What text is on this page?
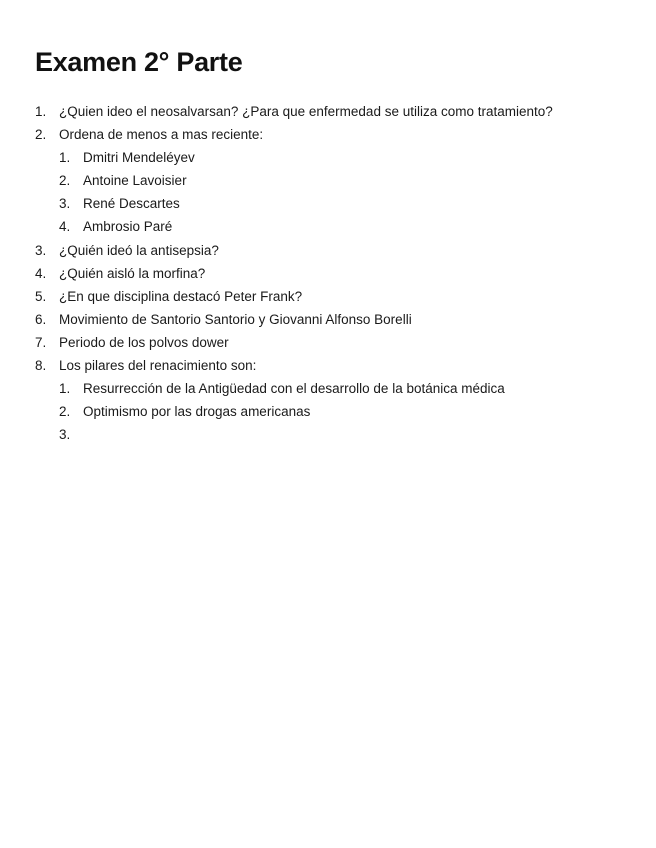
Examen 2° Parte
1. ¿Quien ideo el neosalvarsan? ¿Para que enfermedad se utiliza como tratamiento?
2. Ordena de menos a mas reciente:
1. Dmitri Mendeléyev
2. Antoine Lavoisier
3. René Descartes
4. Ambrosio Paré
3. ¿Quién ideó la antisepsia?
4. ¿Quién aisló la morfina?
5. ¿En que disciplina destacó Peter Frank?
6. Movimiento de Santorio Santorio y Giovanni Alfonso Borelli
7. Periodo de los polvos dower
8. Los pilares del renacimiento son:
1. Resurrección de la Antigüedad con el desarrollo de la botánica médica
2. Optimismo por las drogas americanas
3.
